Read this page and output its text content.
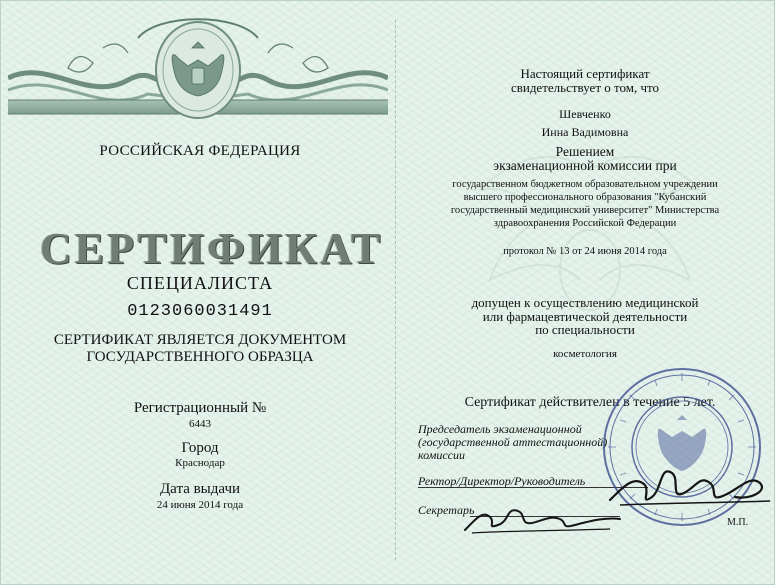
РОССИЙСКАЯ ФЕДЕРАЦИЯ
СЕРТИФИКАТ
СПЕЦИАЛИСТА
0123060031491
СЕРТИФИКАТ ЯВЛЯЕТСЯ ДОКУМЕНТОМ
ГОСУДАРСТВЕННОГО ОБРАЗЦА
Регистрационный №
6443
Город
Краснодар
Дата выдачи
24 июня 2014 года
Настоящий сертификат
свидетельствует о том, что
Шевченко
Инна Вадимовна
Решением
экзаменационной комиссии при
государственном бюджетном образовательном учреждении
высшего профессионального образования "Кубанский
государственный медицинский университет" Министерства
здравоохранения Российской Федерации
протокол № 13 от 24 июня 2014 года
допущен к осуществлению медицинской
или фармацевтической деятельности
по специальности
косметология
Сертификат действителен в течение 5 лет.
Председатель экзаменационной
(государственной аттестационной)
комиссии
Ректор/Директор/Руководитель
Секретарь
М.П.
